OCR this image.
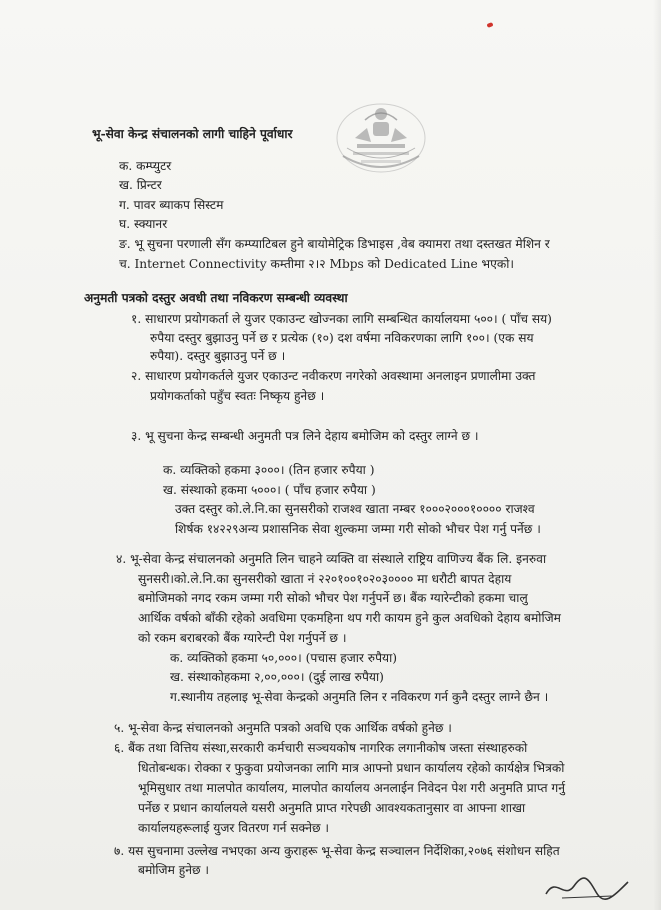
भू-सेवा केन्द्र संचालनको लागी चाहिने पूर्वाधार
क. कम्प्युटर
ख. प्रिन्टर
ग. पावर ब्याकप सिस्टम
घ. स्क्यानर
ङ. भू सुचना परणाली सँग कम्प्याटिबल हुने बायोमेट्रिक डिभाइस ,वेब क्यामरा तथा दस्तखत मेशिन र
च. Internet Connectivity कम्तीमा २।२ Mbps को Dedicated Line भएको।
अनुमती पत्रको दस्तुर अवधी तथा नविकरण सम्बन्धी व्यवस्था
१. साधारण प्रयोगकर्ता ले युजर एकाउन्ट खोज्नका लागि सम्बन्धित कार्यालयमा ५००। ( पाँच सय)
रुपैया दस्तुर बुझाउनु पर्ने छ र प्रत्येक (१०) दश वर्षमा नविकरणका लागि १००। (एक सय
रुपैया). दस्तुर बुझाउनु पर्ने छ ।
२. साधारण प्रयोगकर्तले युजर एकाउन्ट नवीकरण नगरेको अवस्थामा अनलाइन प्रणालीमा उक्त
प्रयोगकर्ताको पहुँच स्वतः निष्कृय हुनेछ ।
३. भू सुचना केन्द्र सम्बन्धी अनुमती पत्र लिने देहाय बमोजिम को दस्तुर लाग्ने छ ।
क. व्यक्तिको हकमा ३०००। (तिन हजार रुपैया )
ख. संस्थाको हकमा ५०००। ( पाँच हजार रुपैया )
उक्त दस्तुर को.ले.नि.का सुनसरीको राजश्व खाता नम्बर १०००२०००१०००० राजश्व
शिर्षक १४२२९अन्य प्रशासनिक सेवा शुल्कमा जम्मा गरी सोको भौचर पेश गर्नु पर्नेछ ।
४. भू-सेवा केन्द्र संचालनको अनुमति लिन चाहने व्यक्ति वा संस्थाले राष्ट्रिय वाणिज्य बैंक लि. इनरुवा
सुनसरी।को.ले.नि.का सुनसरीको खाता नं २२०१००१०२०३०००० मा धरौटी बापत देहाय
बमोजिमको नगद रकम जम्मा गरी सोको भौचर पेश गर्नुपर्ने छ। बैंक ग्यारेन्टीको हकमा चालु
आर्थिक वर्षको बाँकी रहेको अवधिमा एकमहिना थप गरी कायम हुने कुल अवधिको देहाय बमोजिम
को रकम बराबरको बैंक ग्यारेन्टी पेश गर्नुपर्ने छ ।
क. व्यक्तिको हकमा ५०,०००। (पचास हजार रुपैया)
ख. संस्थाकोहकमा २,००,०००। (दुई लाख रुपैया)
ग.स्थानीय तहलाइ भू-सेवा केन्द्रको अनुमति लिन र नविकरण गर्न कुनै दस्तुर लाग्ने छैन ।
५. भू-सेवा केन्द्र संचालनको अनुमति पत्रको अवधि एक आर्थिक वर्षको हुनेछ ।
६. बैंक तथा वित्तिय संस्था,सरकारी कर्मचारी सञ्चयकोष नागरिक लगानीकोष जस्ता संस्थाहरुको
धितोबन्धक। रोक्का र फुकुवा प्रयोजनका लागि मात्र आफ्नो प्रधान कार्यालय रहेको कार्यक्षेत्र भित्रको
भूमिसुधार तथा मालपोत कार्यालय, मालपोत कार्यालय अनलाईन निवेदन पेश गरी अनुमति प्राप्त गर्नु
पर्नेछ र प्रधान कार्यालयले यसरी अनुमति प्राप्त गरेपछी आवश्यकतानुसार वा आफ्ना शाखा
कार्यालयहरूलाई युजर वितरण गर्न सक्नेछ ।
७. यस सुचनामा उल्लेख नभएका अन्य कुराहरू भू-सेवा केन्द्र सञ्चालन निर्देशिका,२०७६ संशोधन सहित
बमोजिम हुनेछ ।
